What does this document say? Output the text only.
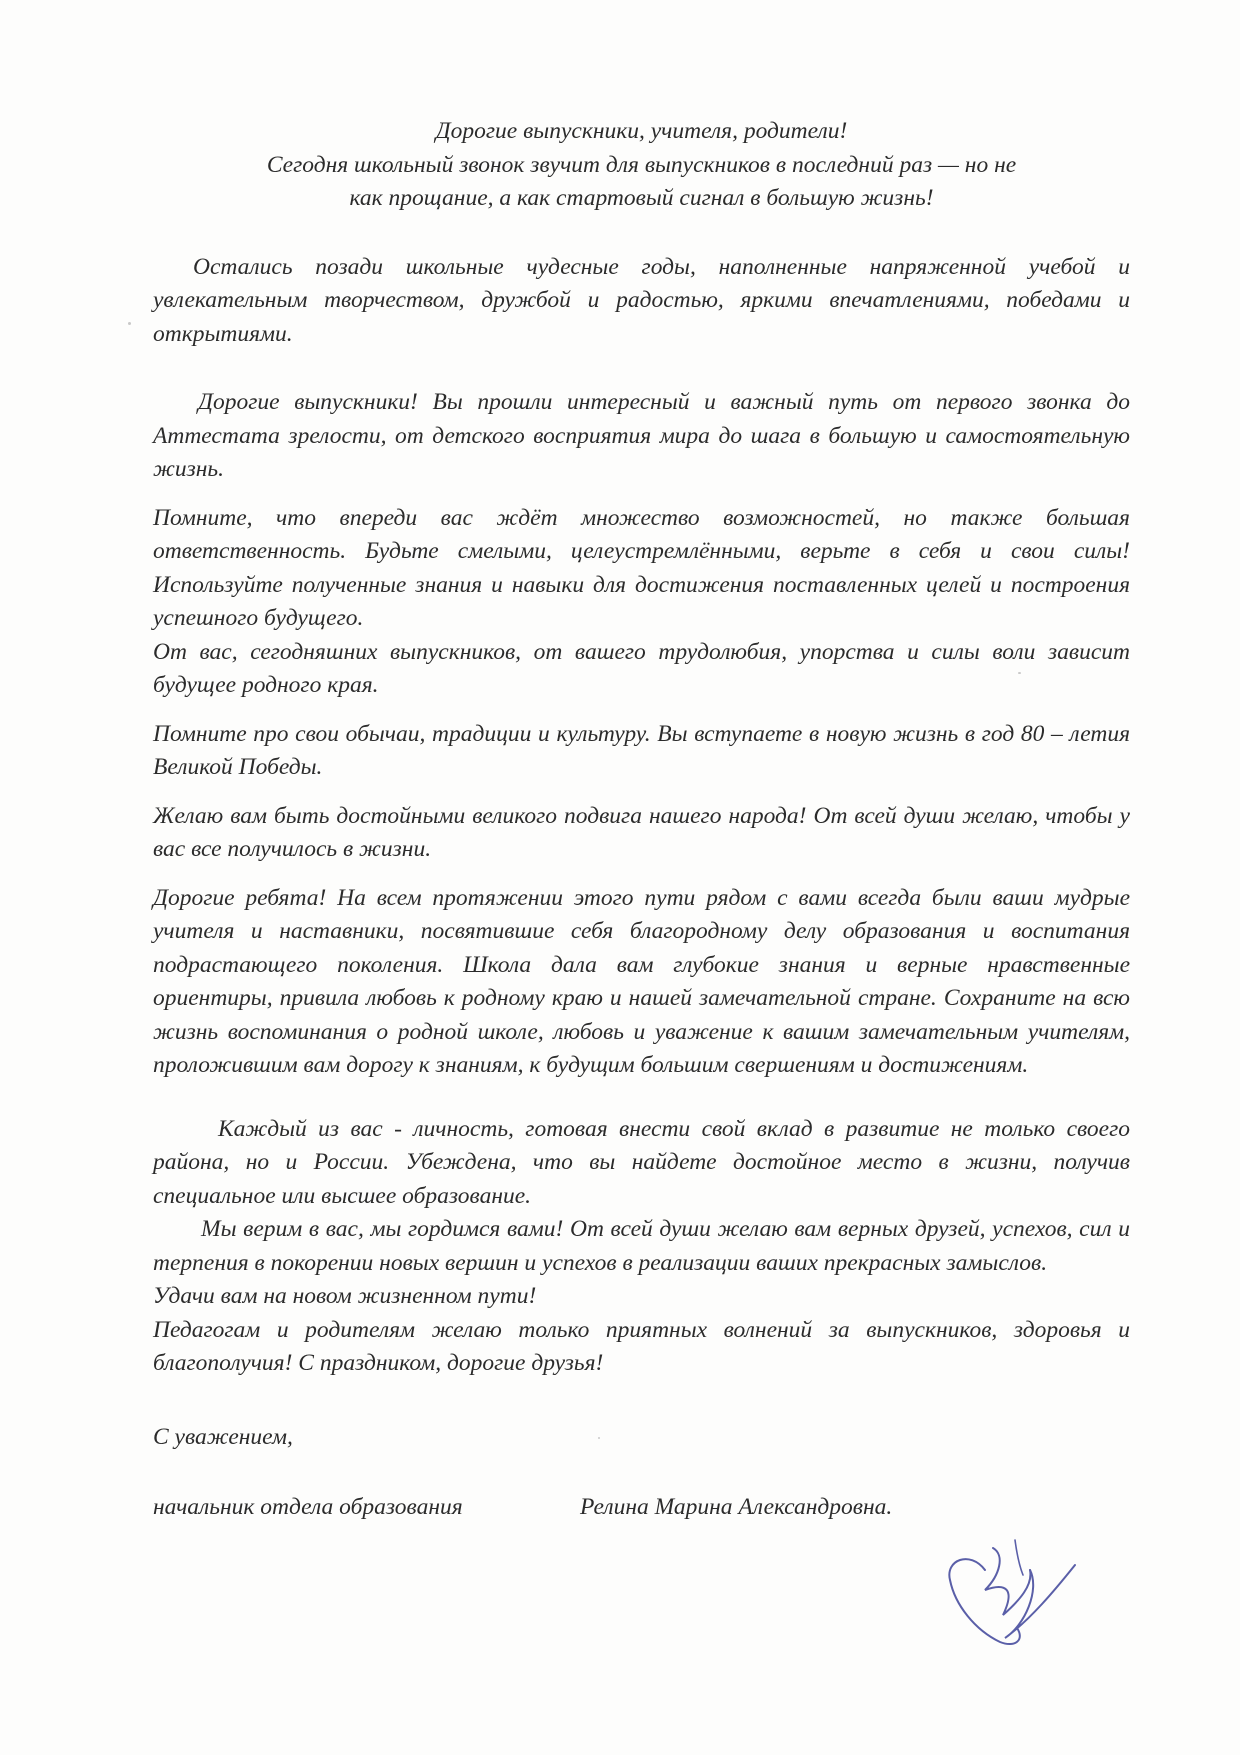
Дорогие выпускники, учителя, родители!
Сегодня школьный звонок звучит для выпускников в последний раз — но не
как прощание, а как стартовый сигнал в большую жизнь!

Остались позади школьные чудесные годы, наполненные напряженной учебой и увлекательным творчеством, дружбой и радостью, яркими впечатлениями, победами и открытиями.

Дорогие выпускники! Вы прошли интересный и важный путь от первого звонка до Аттестата зрелости, от детского восприятия мира до шага в большую и самостоятельную жизнь.

Помните, что впереди вас ждёт множество возможностей, но также большая ответственность. Будьте смелыми, целеустремлёнными, верьте в себя и свои силы! Используйте полученные знания и навыки для достижения поставленных целей и построения успешного будущего.

От вас, сегодняшних выпускников, от вашего трудолюбия, упорства и силы воли зависит будущее родного края.

Помните про свои обычаи, традиции и культуру. Вы вступаете в новую жизнь в год 80 – летия Великой Победы.

Желаю вам быть достойными великого подвига нашего народа! От всей души желаю, чтобы у вас все получилось в жизни.

Дорогие ребята! На всем протяжении этого пути рядом с вами всегда были ваши мудрые учителя и наставники, посвятившие себя благородному делу образования и воспитания подрастающего поколения. Школа дала вам глубокие знания и верные нравственные ориентиры, привила любовь к родному краю и нашей замечательной стране. Сохраните на всю жизнь воспоминания о родной школе, любовь и уважение к вашим замечательным учителям, проложившим вам дорогу к знаниям, к будущим большим свершениям и достижениям.

Каждый из вас - личность, готовая внести свой вклад в развитие не только своего района, но и России. Убеждена, что вы найдете достойное место в жизни, получив специальное или высшее образование.

Мы верим в вас, мы гордимся вами! От всей души желаю вам верных друзей, успехов, сил и терпения в покорении новых вершин и успехов в реализации ваших прекрасных замыслов.

Удачи вам на новом жизненном пути!

Педагогам и родителям желаю только приятных волнений за выпускников, здоровья и благополучия! С праздником, дорогие друзья!

С уважением,

начальник отдела образования	Релина Марина Александровна.
